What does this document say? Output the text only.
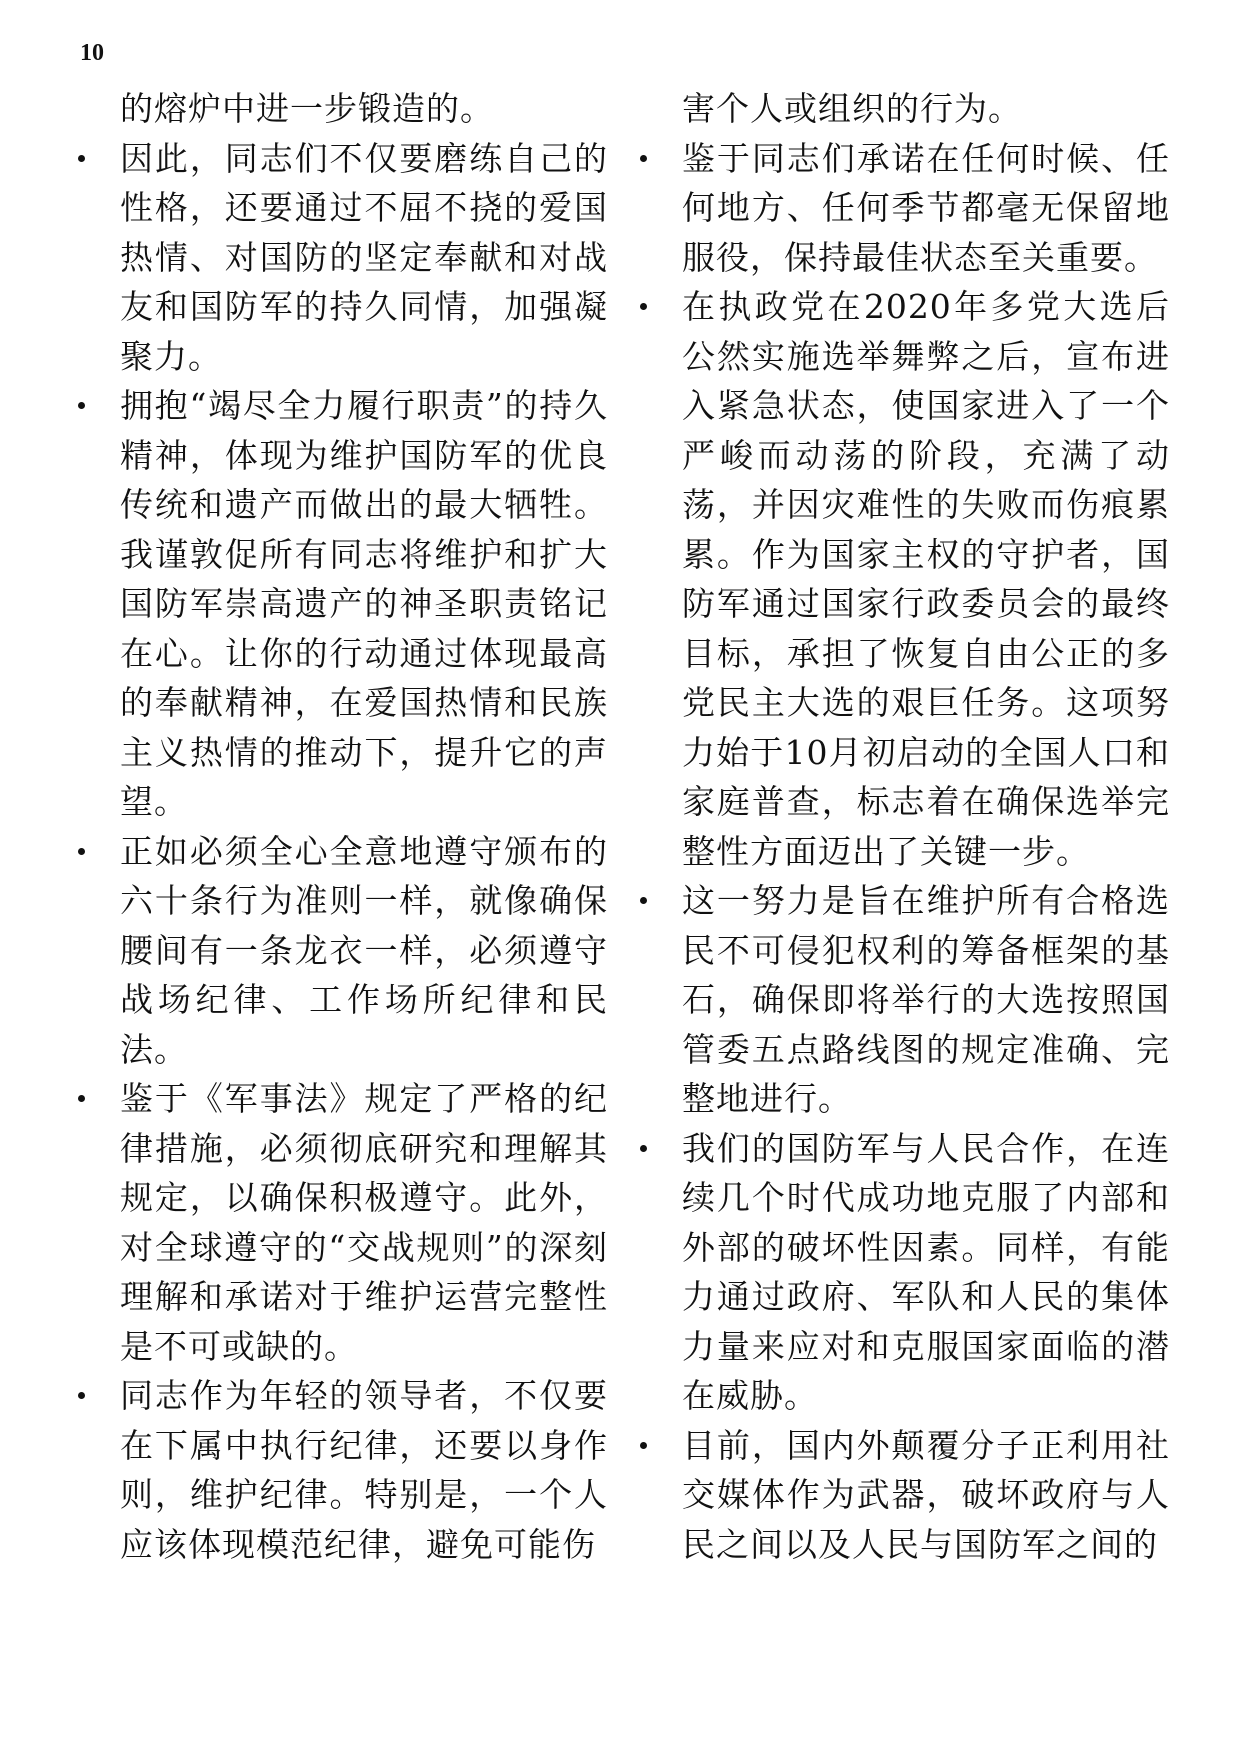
10

的熔炉中进一步锻造的。

因此，同志们不仅要磨练自己的性格，还要通过不屈不挠的爱国热情、对国防的坚定奉献和对战友和国防军的持久同情，加强凝聚力。
拥抱“竭尽全力履行职责”的持久精神，体现为维护国防军的优良传统和遗产而做出的最大牺牲。我谨敦促所有同志将维护和扩大国防军崇高遗产的神圣职责铭记在心。让你的行动通过体现最高的奉献精神，在爱国热情和民族主义热情的推动下，提升它的声望。
正如必须全心全意地遵守颁布的六十条行为准则一样，就像确保腰间有一条龙衣一样，必须遵守战场纪律、工作场所纪律和民法。
鉴于《军事法》规定了严格的纪律措施，必须彻底研究和理解其规定，以确保积极遵守。此外，对全球遵守的“交战规则”的深刻理解和承诺对于维护运营完整性是不可或缺的。
同志作为年轻的领导者，不仅要在下属中执行纪律，还要以身作则，维护纪律。特别是，一个人应该体现模范纪律，避免可能伤

害个人或组织的行为。

鉴于同志们承诺在任何时候、任何地方、任何季节都毫无保留地服役，保持最佳状态至关重要。
在执政党在2020年多党大选后公然实施选举舞弊之后，宣布进入紧急状态，使国家进入了一个严峻而动荡的阶段，充满了动荡，并因灾难性的失败而伤痕累累。作为国家主权的守护者，国防军通过国家行政委员会的最终目标，承担了恢复自由公正的多党民主大选的艰巨任务。这项努力始于10月初启动的全国人口和家庭普查，标志着在确保选举完整性方面迈出了关键一步。
这一努力是旨在维护所有合格选民不可侵犯权利的筹备框架的基石，确保即将举行的大选按照国管委五点路线图的规定准确、完整地进行。
我们的国防军与人民合作，在连续几个时代成功地克服了内部和外部的破坏性因素。同样，有能力通过政府、军队和人民的集体力量来应对和克服国家面临的潜在威胁。
目前，国内外颠覆分子正利用社交媒体作为武器，破坏政府与人民之间以及人民与国防军之间的
